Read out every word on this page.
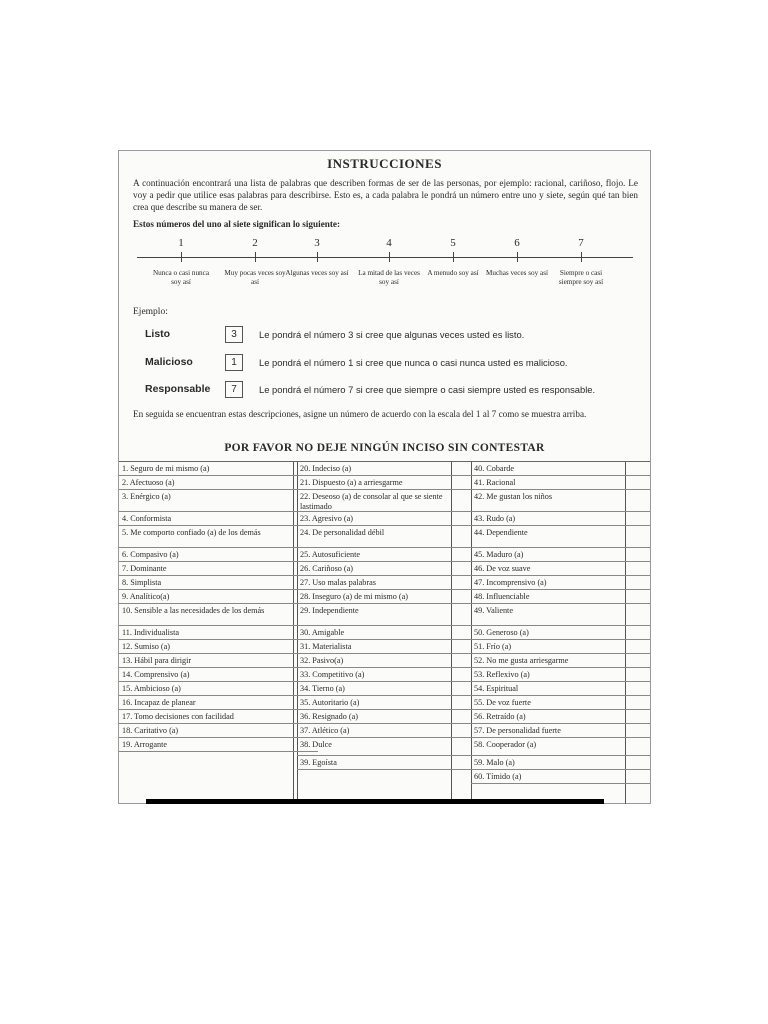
INSTRUCCIONES
A continuación encontrará una lista de palabras que describen formas de ser de las personas, por ejemplo: racional, cariñoso, flojo. Le voy a pedir que utilice esas palabras para describirse. Esto es, a cada palabra le pondrá un número entre uno y siete, según qué tan bien crea que describe su manera de ser.
Estos números del uno al siete significan lo siguiente:
1
Nunca o casi nunca soy así
2
Muy pocas veces soy así
3
Algunas veces soy así
4
La mitad de las veces soy así
5
A menudo soy así
6
Muchas veces soy así
7
Siempre o casi siempre soy así
Ejemplo:
Listo	3	Le pondrá el número 3 si cree que algunas veces usted es listo.
Malicioso	1	Le pondrá el número 1 si cree que nunca o casi nunca usted es malicioso.
Responsable	7	Le pondrá el número 7 si cree que siempre o casi siempre usted es responsable.
En seguida se encuentran estas descripciones, asigne un número de acuerdo con la escala del 1 al 7 como se muestra arriba.
POR FAVOR NO DEJE NINGÚN INCISO SIN CONTESTAR
1. Seguro de mi mismo (a)
2. Afectuoso (a)
3. Enérgico (a)
4. Conformista
5. Me comporto confiado (a) de los demás
6. Compasivo (a)
7. Dominante
8. Simplista
9. Analítico(a)
10. Sensible a las necesidades de los demás
11. Individualista
12. Sumiso (a)
13. Hábil para dirigir
14. Comprensivo (a)
15. Ambicioso (a)
16. Incapaz de planear
17. Tomo decisiones con facilidad
18. Caritativo (a)
19. Arrogante
20. Indeciso (a)
21. Dispuesto (a) a arriesgarme
22. Deseoso (a) de consolar al que se siente lastimado
23. Agresivo (a)
24. De personalidad débil
25. Autosuficiente
26. Cariñoso (a)
27. Uso malas palabras
28. Inseguro (a) de mi mismo (a)
29. Independiente
30. Amigable
31. Materialista
32. Pasivo(a)
33. Competitivo (a)
34. Tierno (a)
35. Autoritario (a)
36. Resignado (a)
37. Atlético (a)
38. Dulce
39. Egoísta
40. Cobarde
41. Racional
42. Me gustan los niños
43. Rudo (a)
44. Dependiente
45. Maduro (a)
46. De voz suave
47. Incomprensivo (a)
48. Influenciable
49. Valiente
50. Generoso (a)
51. Frío (a)
52. No me gusta arriesgarme
53. Reflexivo (a)
54. Espiritual
55. De voz fuerte
56. Retraído (a)
57. De personalidad fuerte
58. Cooperador (a)
59. Malo (a)
60. Tímido (a)
